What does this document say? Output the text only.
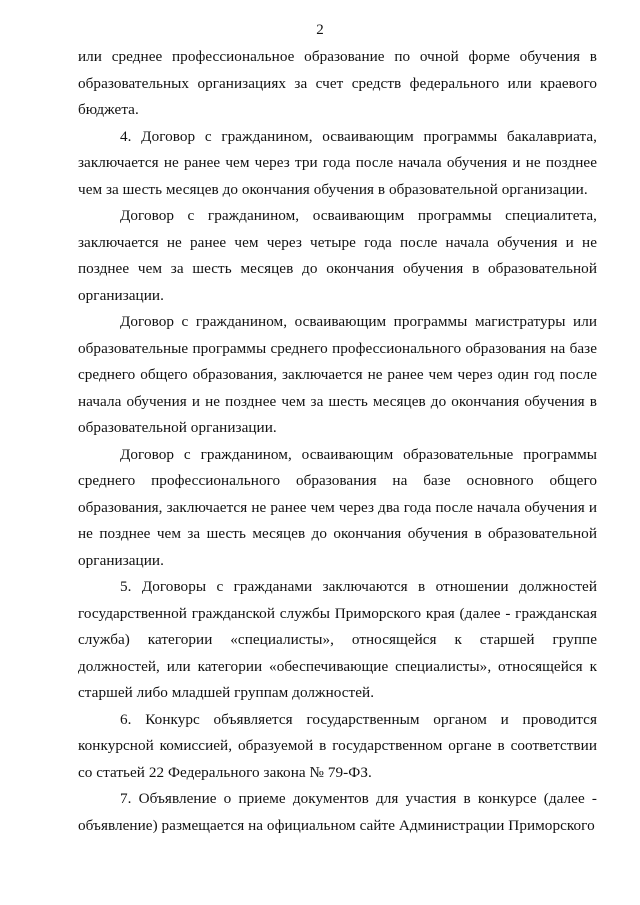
2

или среднее профессиональное образование по очной форме обучения в образовательных организациях за счет средств федерального или краевого бюджета.

4. Договор с гражданином, осваивающим программы бакалавриата, заключается не ранее чем через три года после начала обучения и не позднее чем за шесть месяцев до окончания обучения в образовательной организации.

Договор с гражданином, осваивающим программы специалитета, заключается не ранее чем через четыре года после начала обучения и не позднее чем за шесть месяцев до окончания обучения в образовательной организации.

Договор с гражданином, осваивающим программы магистратуры или образовательные программы среднего профессионального образования на базе среднего общего образования, заключается не ранее чем через один год после начала обучения и не позднее чем за шесть месяцев до окончания обучения в образовательной организации.

Договор с гражданином, осваивающим образовательные программы среднего профессионального образования на базе основного общего образования, заключается не ранее чем через два года после начала обучения и не позднее чем за шесть месяцев до окончания обучения в образовательной организации.

5. Договоры с гражданами заключаются в отношении должностей государственной гражданской службы Приморского края (далее - гражданская служба) категории «специалисты», относящейся к старшей группе должностей, или категории «обеспечивающие специалисты», относящейся к старшей либо младшей группам должностей.

6. Конкурс объявляется государственным органом и проводится конкурсной комиссией, образуемой в государственном органе в соответствии со статьей 22 Федерального закона № 79-ФЗ.

7. Объявление о приеме документов для участия в конкурсе (далее - объявление) размещается на официальном сайте Администрации Приморского
